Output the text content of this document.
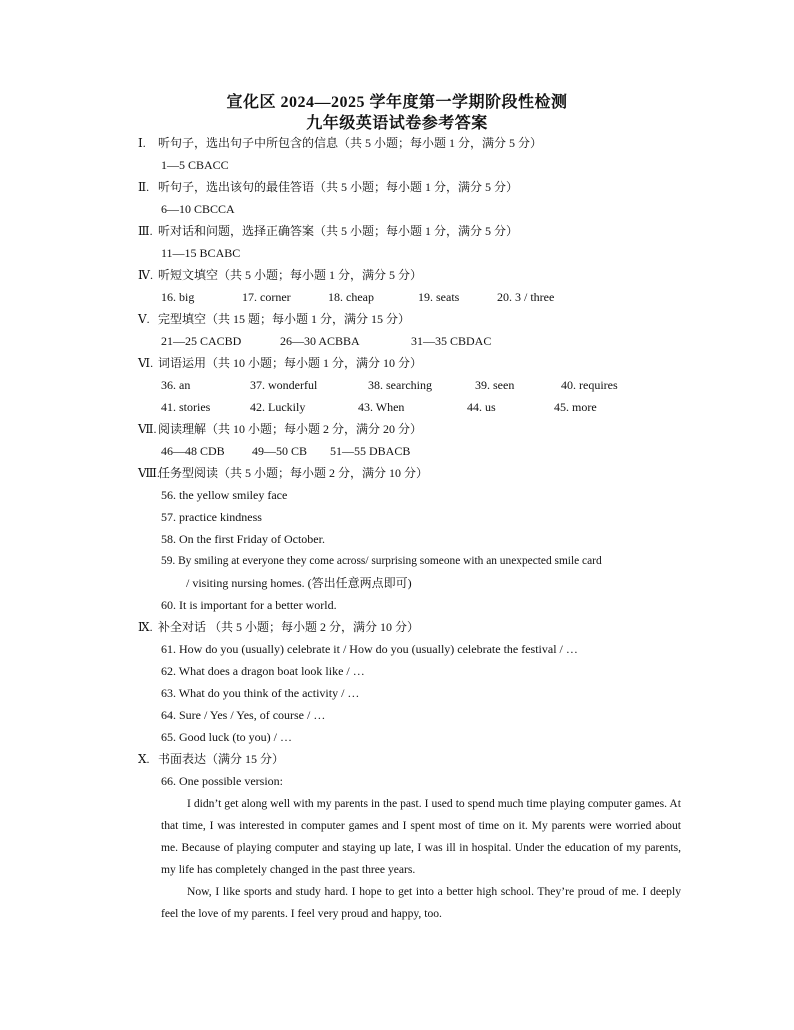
宣化区 2024—2025 学年度第一学期阶段性检测
九年级英语试卷参考答案
Ⅰ. 听句子，选出句子中所包含的信息（共 5 小题；每小题 1 分，满分 5 分）
1—5 CBACC
Ⅱ. 听句子，选出该句的最佳答语（共 5 小题；每小题 1 分，满分 5 分）
6—10 CBCCA
Ⅲ. 听对话和问题，选择正确答案（共 5 小题；每小题 1 分，满分 5 分）
11—15 BCABC
Ⅳ. 听短文填空（共 5 小题；每小题 1 分，满分 5 分）
16. big	17. corner	18. cheap	19. seats	20. 3 / three
Ⅴ. 完型填空（共 15 题；每小题 1 分，满分 15 分）
21—25 CACBD	26—30 ACBBA	31—35 CBDAC
Ⅵ. 词语运用（共 10 小题；每小题 1 分，满分 10 分）
36. an	37. wonderful	38. searching	39. seen	40. requires
41. stories	42. Luckily	43. When	44. us	45. more
Ⅶ. 阅读理解（共 10 小题；每小题 2 分，满分 20 分）
46—48 CDB 49—50 CB 51—55 DBACB
Ⅷ.任务型阅读（共 5 小题；每小题 2 分，满分 10 分）
56. the yellow smiley face
57. practice kindness
58. On the first Friday of October.
59. By smiling at everyone they come across/ surprising someone with an unexpected smile card
/ visiting nursing homes. (答出任意两点即可)
60. It is important for a better world.
Ⅸ. 补全对话 （共 5 小题；每小题 2 分，满分 10 分）
61. How do you (usually) celebrate it / How do you (usually) celebrate the festival / …
62. What does a dragon boat look like / …
63. What do you think of the activity / …
64. Sure / Yes / Yes, of course / …
65. Good luck (to you) / …
Ⅹ. 书面表达（满分 15 分）
66. One possible version:
I didn’t get along well with my parents in the past. I used to spend much time playing computer games. At that time, I was interested in computer games and I spent most of time on it. My parents were worried about me. Because of playing computer and staying up late, I was ill in hospital. Under the education of my parents, my life has completely changed in the past three years.
Now, I like sports and study hard. I hope to get into a better high school. They’re proud of me. I deeply feel the love of my parents. I feel very proud and happy, too.
